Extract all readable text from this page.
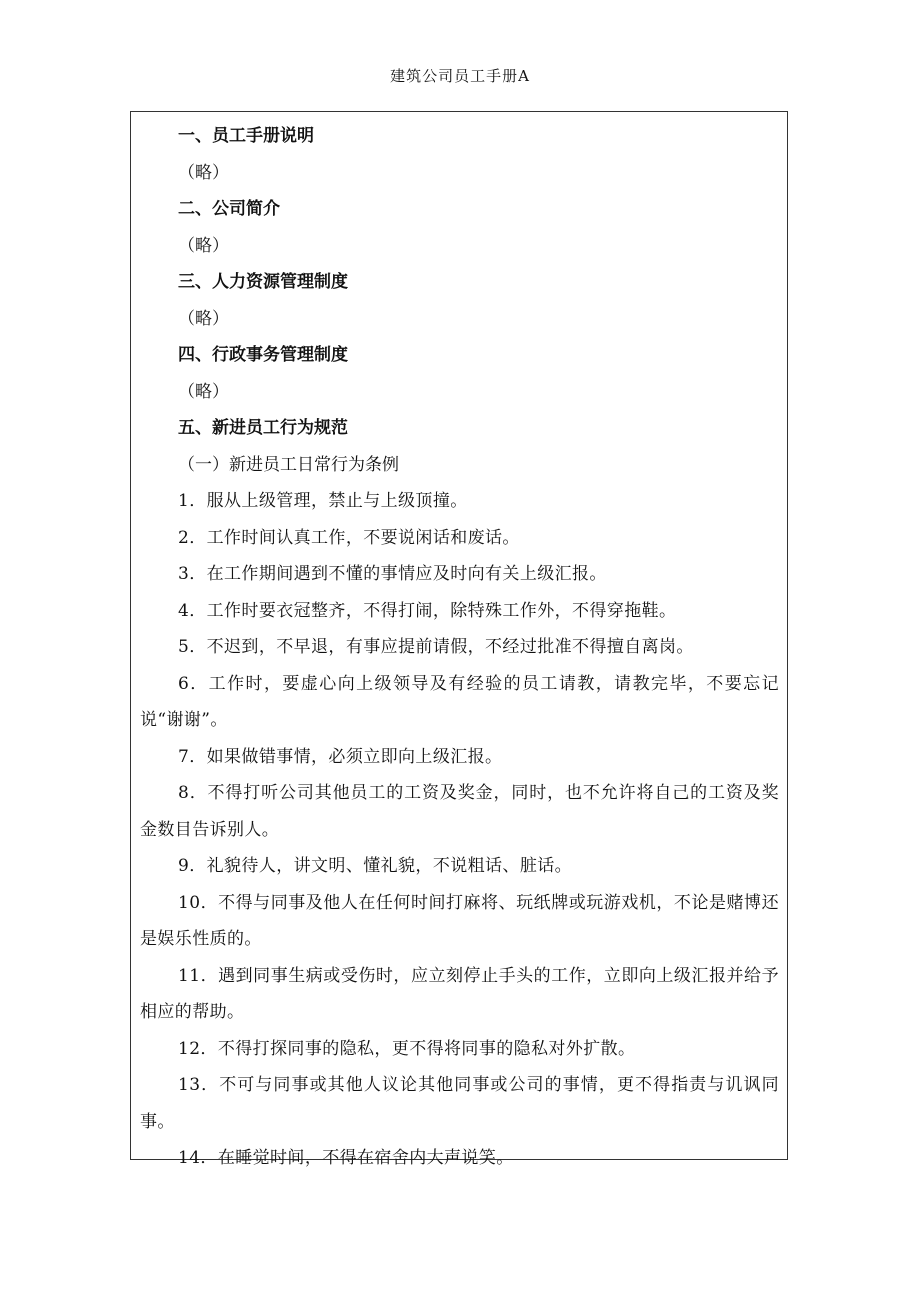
建筑公司员工手册A

一、员工手册说明

（略）

二、公司简介

（略）

三、人力资源管理制度

（略）

四、行政事务管理制度

（略）

五、新进员工行为规范

（一）新进员工日常行为条例

1．服从上级管理，禁止与上级顶撞。

2．工作时间认真工作，不要说闲话和废话。

3．在工作期间遇到不懂的事情应及时向有关上级汇报。

4．工作时要衣冠整齐，不得打闹，除特殊工作外，不得穿拖鞋。

5．不迟到，不早退，有事应提前请假，不经过批准不得擅自离岗。

6．工作时，要虚心向上级领导及有经验的员工请教，请教完毕，不要忘记说“谢谢”。

7．如果做错事情，必须立即向上级汇报。

8．不得打听公司其他员工的工资及奖金，同时，也不允许将自己的工资及奖金数目告诉别人。

9．礼貌待人，讲文明、懂礼貌，不说粗话、脏话。

10．不得与同事及他人在任何时间打麻将、玩纸牌或玩游戏机，不论是赌博还是娱乐性质的。

11．遇到同事生病或受伤时，应立刻停止手头的工作，立即向上级汇报并给予相应的帮助。

12．不得打探同事的隐私，更不得将同事的隐私对外扩散。

13．不可与同事或其他人议论其他同事或公司的事情，更不得指责与讥讽同事。

14．在睡觉时间，不得在宿舍内大声说笑。
